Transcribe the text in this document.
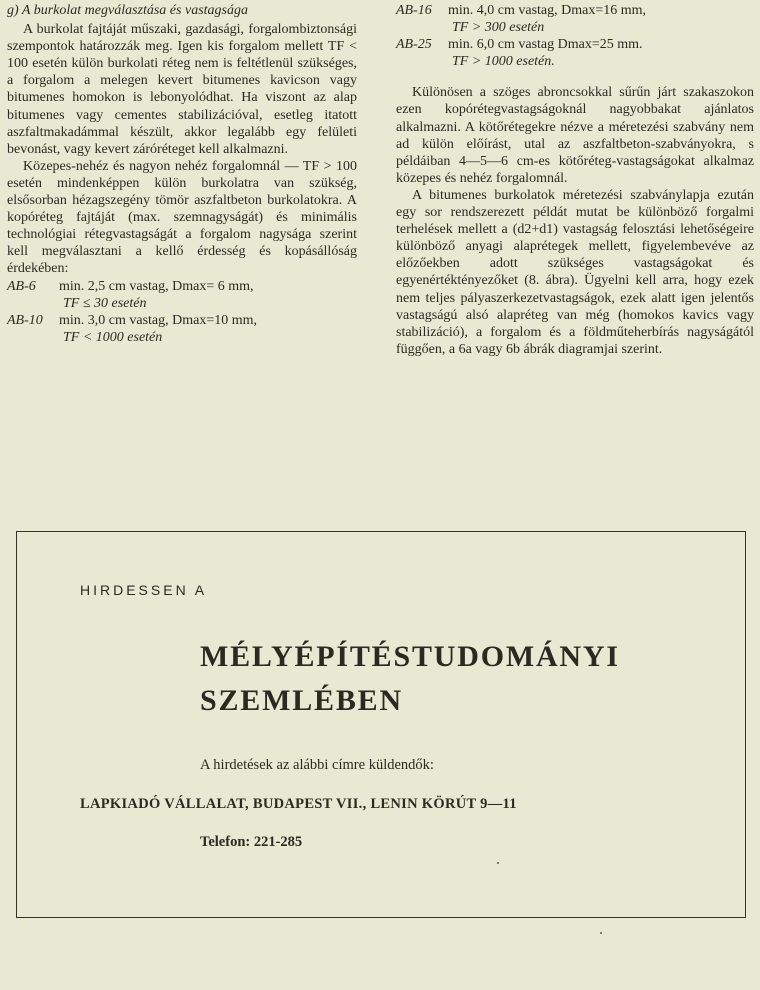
g) A burkolat megválasztása és vastagsága

A burkolat fajtáját műszaki, gazdasági, forgalombiztonsági szempontok határozzák meg. Igen kis forgalom mellett TF < 100 esetén külön burkolati réteg nem is feltétlenül szükséges, a forgalom a melegen kevert bitumenes kavicson vagy bitumenes homokon is lebonyolódhat. Ha viszont az alap bitumenes vagy cementes stabilizációval, esetleg itatott aszfaltmakadámmal készült, akkor legalább egy felületi bevonást, vagy kevert záróréteget kell alkalmazni.

Közepes-nehéz és nagyon nehéz forgalomnál — TF > 100 esetén mindenképpen külön burkolatra van szükség, elsősorban hézagszegény tömör aszfaltbeton burkolatokra. A kopóréteg fajtáját (max. szemnagyságát) és minimális technológiai rétegvastagságát a forgalom nagysága szerint kell megválasztani a kellő érdesség és kopásállóság érdekében:

AB-6	min. 2,5 cm vastag, Dmax= 6 mm,
TF ≤ 30 esetén
AB-10	min. 3,0 cm vastag, Dmax=10 mm,
TF < 1000 esetén
AB-16	min. 4,0 cm vastag, Dmax=16 mm,
TF > 300 esetén
AB-25	min. 6,0 cm vastag Dmax=25 mm.
TF > 1000 esetén.

Különösen a szöges abroncsokkal sűrűn járt szakaszokon ezen kopórétegvastagságoknál nagyobbakat ajánlatos alkalmazni. A kötőrétegekre nézve a méretezési szabvány nem ad külön előírást, utal az aszfaltbeton-szabványokra, s példáiban 4—5—6 cm-es kötőréteg-vastagságokat alkalmaz közepes és nehéz forgalomnál.

A bitumenes burkolatok méretezési szabványlapja ezután egy sor rendszerezett példát mutat be különböző forgalmi terhelések mellett a (d2+d1) vastagság felosztási lehetőségeire különböző anyagi alaprétegek mellett, figyelembevéve az előzőekben adott szükséges vastagságokat és egyenértéktényezőket (8. ábra). Ügyelni kell arra, hogy ezek nem teljes pályaszerkezetvastagságok, ezek alatt igen jelentős vastagságú alsó alapréteg van még (homokos kavics vagy stabilizáció), a forgalom és a földműteherbírás nagyságától függően, a 6a vagy 6b ábrák diagramjai szerint.

HIRDESSEN A
MÉLYÉPÍTÉSTUDOMÁNYI
SZEMLÉBEN
A hirdetések az alábbi címre küldendők:
LAPKIADÓ VÁLLALAT, BUDAPEST VII., LENIN KÖRÚT 9—11
Telefon: 221-285
